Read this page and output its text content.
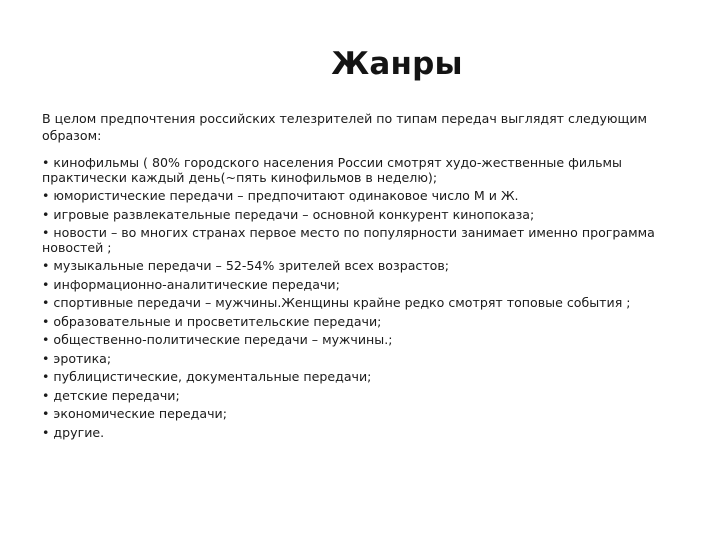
Жанры

В целом предпочтения российских телезрителей по типам передач выглядят следующим образом:

• кинофильмы ( 80% городского населения России смотрят худо-жественные фильмы практически каждый день(~пять кинофильмов в неделю);
• юмористические передачи – предпочитают одинаковое число М и Ж.
• игровые развлекательные передачи – основной конкурент кинопоказа;
• новости – во многих странах первое место по популярности занимает именно программа новостей ;
• музыкальные передачи – 52-54% зрителей всех возрастов;
• информационно-аналитические передачи;
• спортивные передачи – мужчины.Женщины крайне редко смотрят топовые события ;
• образовательные и просветительские передачи;
• общественно-политические передачи – мужчины.;
• эротика;
• публицистические, документальные передачи;
• детские передачи;
• экономические передачи;
• другие.
